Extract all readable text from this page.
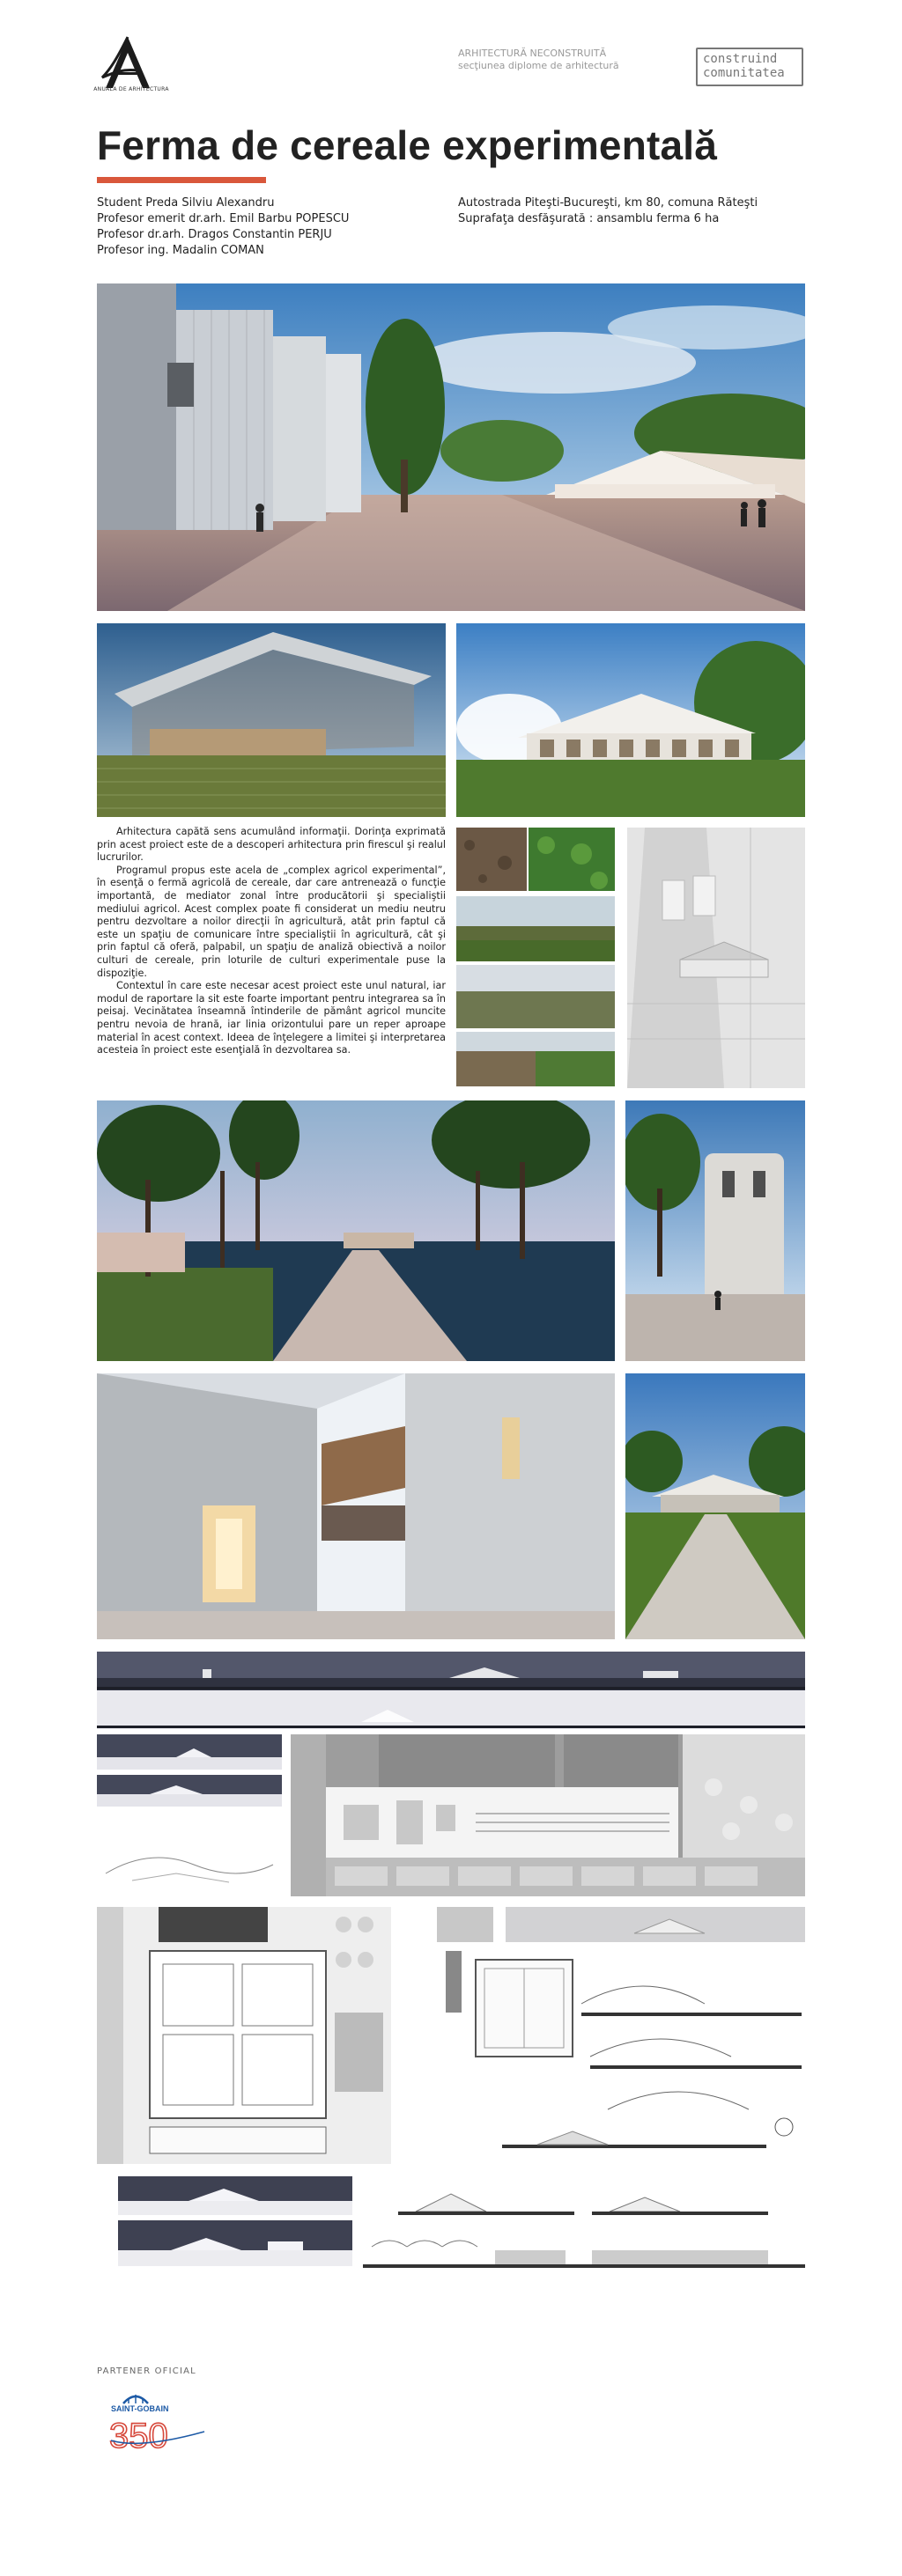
ANUALA DE ARHITECTURA
ARHITECTURĂ NECONSTRUITĂ
secţiunea diplome de arhitectură	construind
comunitatea
Ferma de cereale experimentală
Student Preda Silviu Alexandru
Profesor emerit dr.arh. Emil Barbu POPESCU
Profesor dr.arh. Dragos Constantin PERJU
Profesor ing. Madalin COMAN
Autostrada Piteşti-Bucureşti, km 80, comuna Răteşti
Suprafaţa desfăşurată : ansamblu ferma 6 ha

Arhitectura capătă sens acumulând informaţii. Dorinţa exprimată prin acest proiect este de a descoperi arhitectura prin firescul şi realul lucrurilor.

Programul propus este acela de „complex agricol experimental”, în esenţă o fermă agricolă de cereale, dar care antrenează o funcţie importantă, de mediator zonal între producătorii şi specialiştii mediului agricol. Acest complex poate fi considerat un mediu neutru pentru dezvoltare a noilor direcţii în agricultură, atât prin faptul că este un spaţiu de comunicare între specialiştii în agricultură, cât şi prin faptul că oferă, palpabil, un spaţiu de analiză obiectivă a noilor culturi de cereale, prin loturile de culturi experimentale puse la dispoziţie.

Contextul în care este necesar acest proiect este unul natural, iar modul de raportare la sit este foarte important pentru integrarea sa în peisaj. Vecinătatea înseamnă întinderile de pământ agricol muncite pentru nevoia de hrană, iar linia orizontului pare un reper aproape material în acest context. Ideea de înţelegere a limitei şi interpretarea acesteia în proiect este esenţială în dezvoltarea sa.

PARTENER OFICIAL
SAINT-GOBAIN
350
